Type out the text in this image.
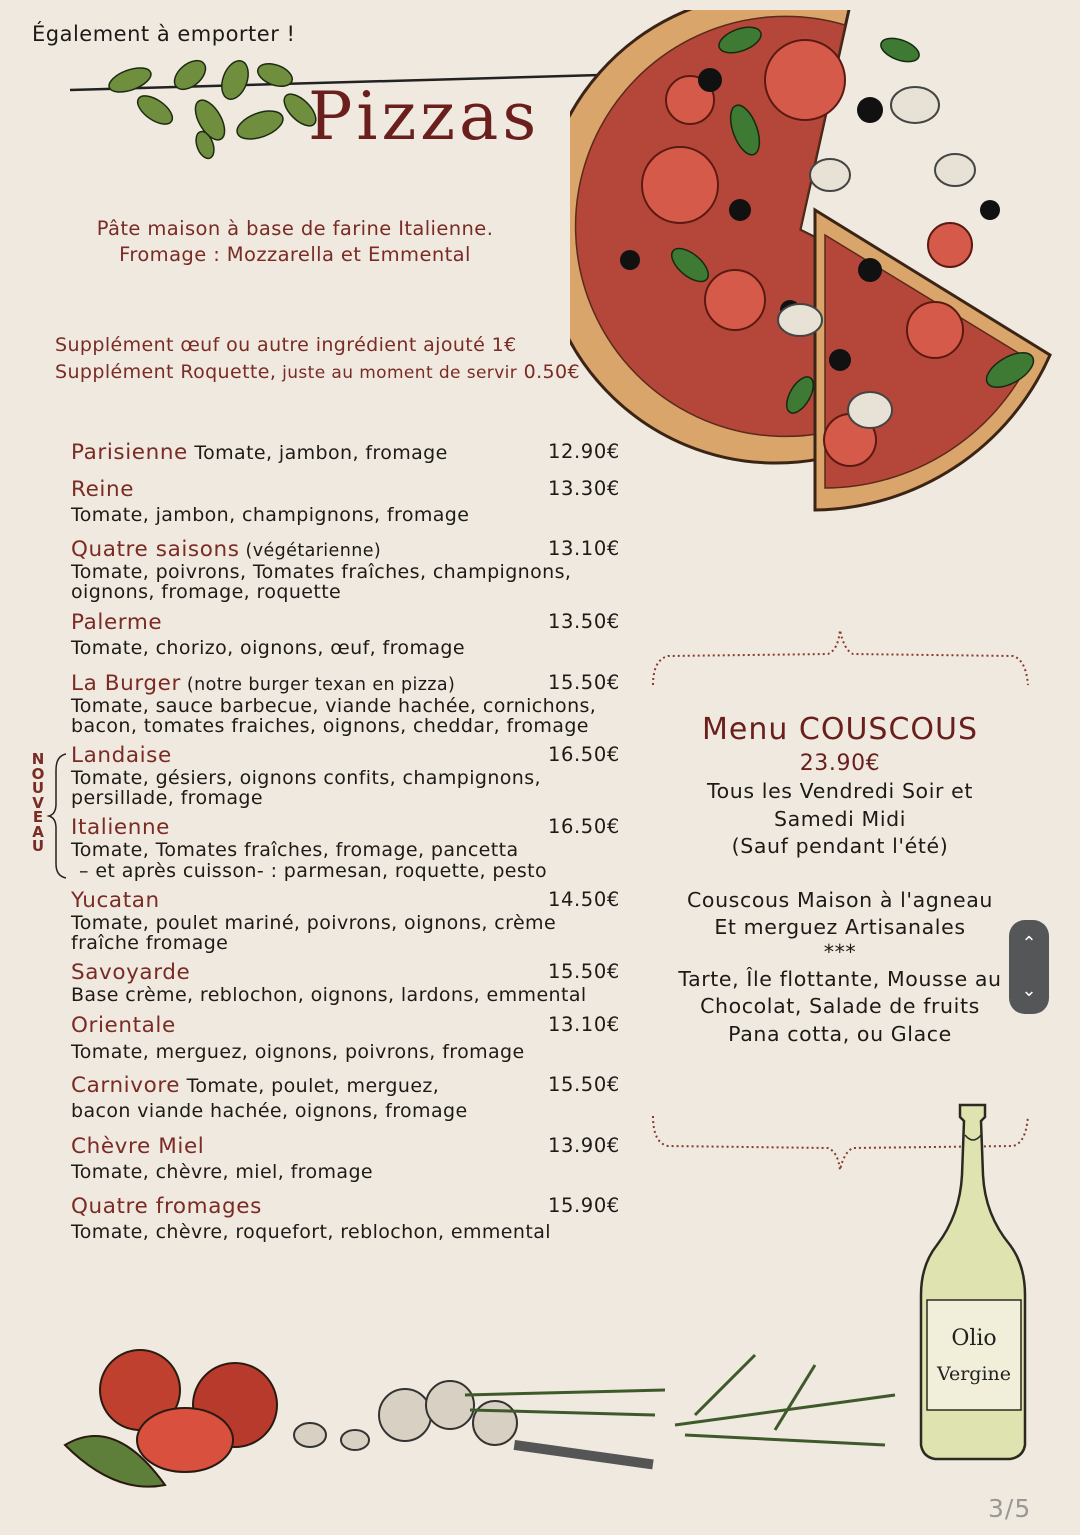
Également à emporter !
Pizzas
Pâte maison à base de farine Italienne.
Fromage : Mozzarella et Emmental
Supplément œuf ou autre ingrédient ajouté 1€
Supplément Roquette, juste au moment de servir 0.50€
Parisienne Tomate, jambon, fromage	12.90€
Reine	13.30€
Tomate, jambon, champignons, fromage
Quatre saisons (végétarienne)	13.10€
Tomate, poivrons, Tomates fraîches, champignons,
oignons, fromage, roquette
Palerme	13.50€
Tomate, chorizo, oignons, œuf, fromage
La Burger (notre burger texan en pizza)	15.50€
Tomate, sauce barbecue, viande hachée, cornichons,
bacon, tomates fraiches, oignons, cheddar, fromage
Landaise	16.50€
Tomate, gésiers, oignons confits, champignons,
persillade, fromage
Italienne	16.50€
Tomate, Tomates fraîches, fromage, pancetta
– et après cuisson- : parmesan, roquette, pesto
Yucatan	14.50€
Tomate, poulet mariné, poivrons, oignons, crème
fraîche fromage
Savoyarde	15.50€
Base crème, reblochon, oignons, lardons, emmental
Orientale	13.10€
Tomate, merguez, oignons, poivrons, fromage
Carnivore Tomate, poulet, merguez,	15.50€
bacon viande hachée, oignons, fromage
Chèvre Miel	13.90€
Tomate, chèvre, miel, fromage
Quatre fromages	15.90€
Tomate, chèvre, roquefort, reblochon, emmental
N
O
U
V
E
A
U
Menu COUSCOUS
23.90€
Tous les Vendredi Soir et
Samedi Midi
(Sauf pendant l'été)
Couscous Maison à l'agneau
Et merguez Artisanales
***
Tarte, Île flottante, Mousse au
Chocolat, Salade de fruits
Pana cotta, ou Glace
⌃
⌄
Olio
Vergine
3/5
